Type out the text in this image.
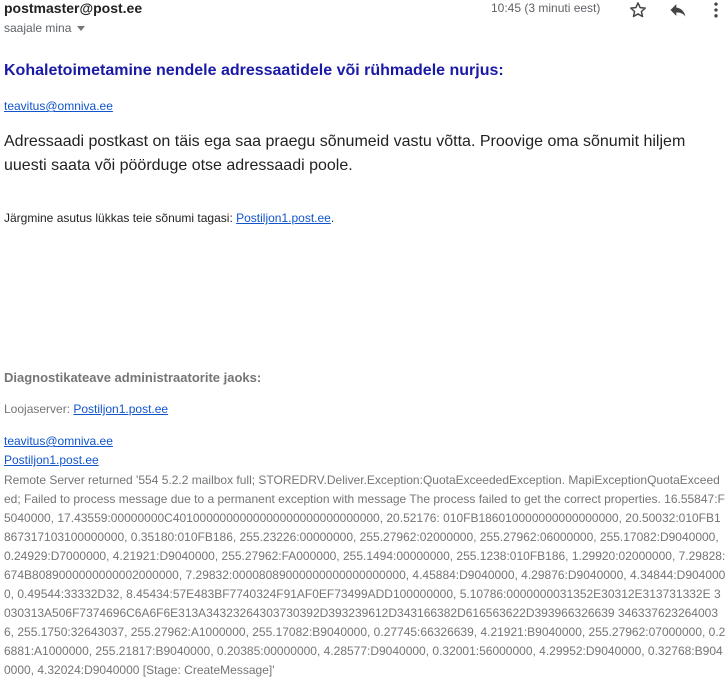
postmaster@post.ee
saajale mina
10:45 (3 minuti eest)
Kohaletoimetamine nendele adressaatidele või rühmadele nurjus:
teavitus@omniva.ee
Adressaadi postkast on täis ega saa praegu sõnumeid vastu võtta. Proovige oma sõnumit hiljem uuesti saata või pöörduge otse adressaadi poole.
Järgmine asutus lükkas teie sõnumi tagasi: Postiljon1.post.ee.
Diagnostikateave administraatorite jaoks:
Loojaserver: Postiljon1.post.ee
teavitus@omniva.ee
Postiljon1.post.ee
Remote Server returned '554 5.2.2 mailbox full; STOREDRV.Deliver.Exception:QuotaExceededException. MapiExceptionQuotaExceeded; Failed to process message due to a permanent exception with message The process failed to get the correct properties. 16.55847:F5040000, 17.43559:00000000C4010000000000000000000000000000, 20.52176: 010FB186010000000000000000, 20.50032:010FB1867317103100000000, 0.35180:010FB186, 255.23226:00000000, 255.27962:02000000, 255.27962:06000000, 255.17082:D9040000, 0.24929:D7000000, 4.21921:D9040000, 255.27962:FA000000, 255.1494:00000000, 255.1238:010FB186, 1.29920:02000000, 7.29828:674B8089000000000002000000, 7.29832:00008089000000000000000000, 4.45884:D9040000, 4.29876:D9040000, 4.34844:D9040000, 0.49544:33332D32, 8.45434:57E483BF7740324F91AF0EF73499ADD100000000, 5.10786:0000000031352E30312E313731332E 3030313A506F7374696C6A6F6E313A34323264303730392D393239612D343166382D616563622D393966326639 3463376232640036, 255.1750:32643037, 255.27962:A1000000, 255.17082:B9040000, 0.27745:66326639, 4.21921:B9040000, 255.27962:07000000, 0.26881:A1000000, 255.21817:B9040000, 0.20385:00000000, 4.28577:D9040000, 0.32001:56000000, 4.29952:D9040000, 0.32768:B9040000, 4.32024:D9040000 [Stage: CreateMessage]'
